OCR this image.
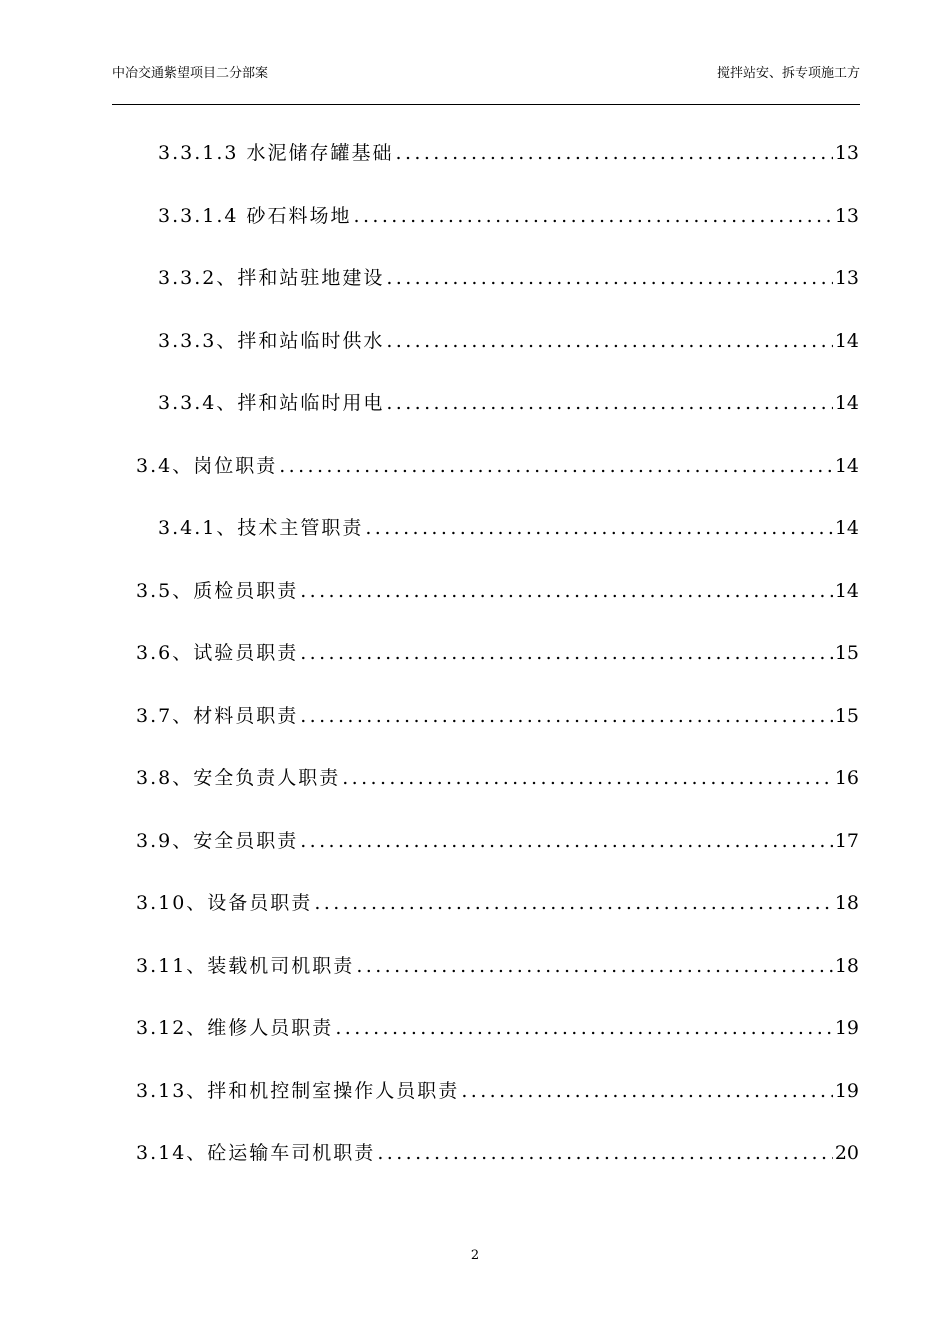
中冶交通紫望项目二分部案	搅拌站安、拆专项施工方
3.3.1.3 水泥储存罐基础 .....	13
3.3.1.4 砂石料场地 .....	13
3.3.2、拌和站驻地建设 .....	13
3.3.3、拌和站临时供水 .....	14
3.3.4、拌和站临时用电 .....	14
3.4、岗位职责 .....	14
3.4.1、技术主管职责 .....	14
3.5、质检员职责 .....	14
3.6、试验员职责 .....	15
3.7、材料员职责 .....	15
3.8、安全负责人职责 .....	16
3.9、安全员职责 .....	17
3.10、设备员职责 .....	18
3.11、装载机司机职责 .....	18
3.12、维修人员职责 .....	19
3.13、拌和机控制室操作人员职责 .....	19
3.14、砼运输车司机职责 .....	20
2
